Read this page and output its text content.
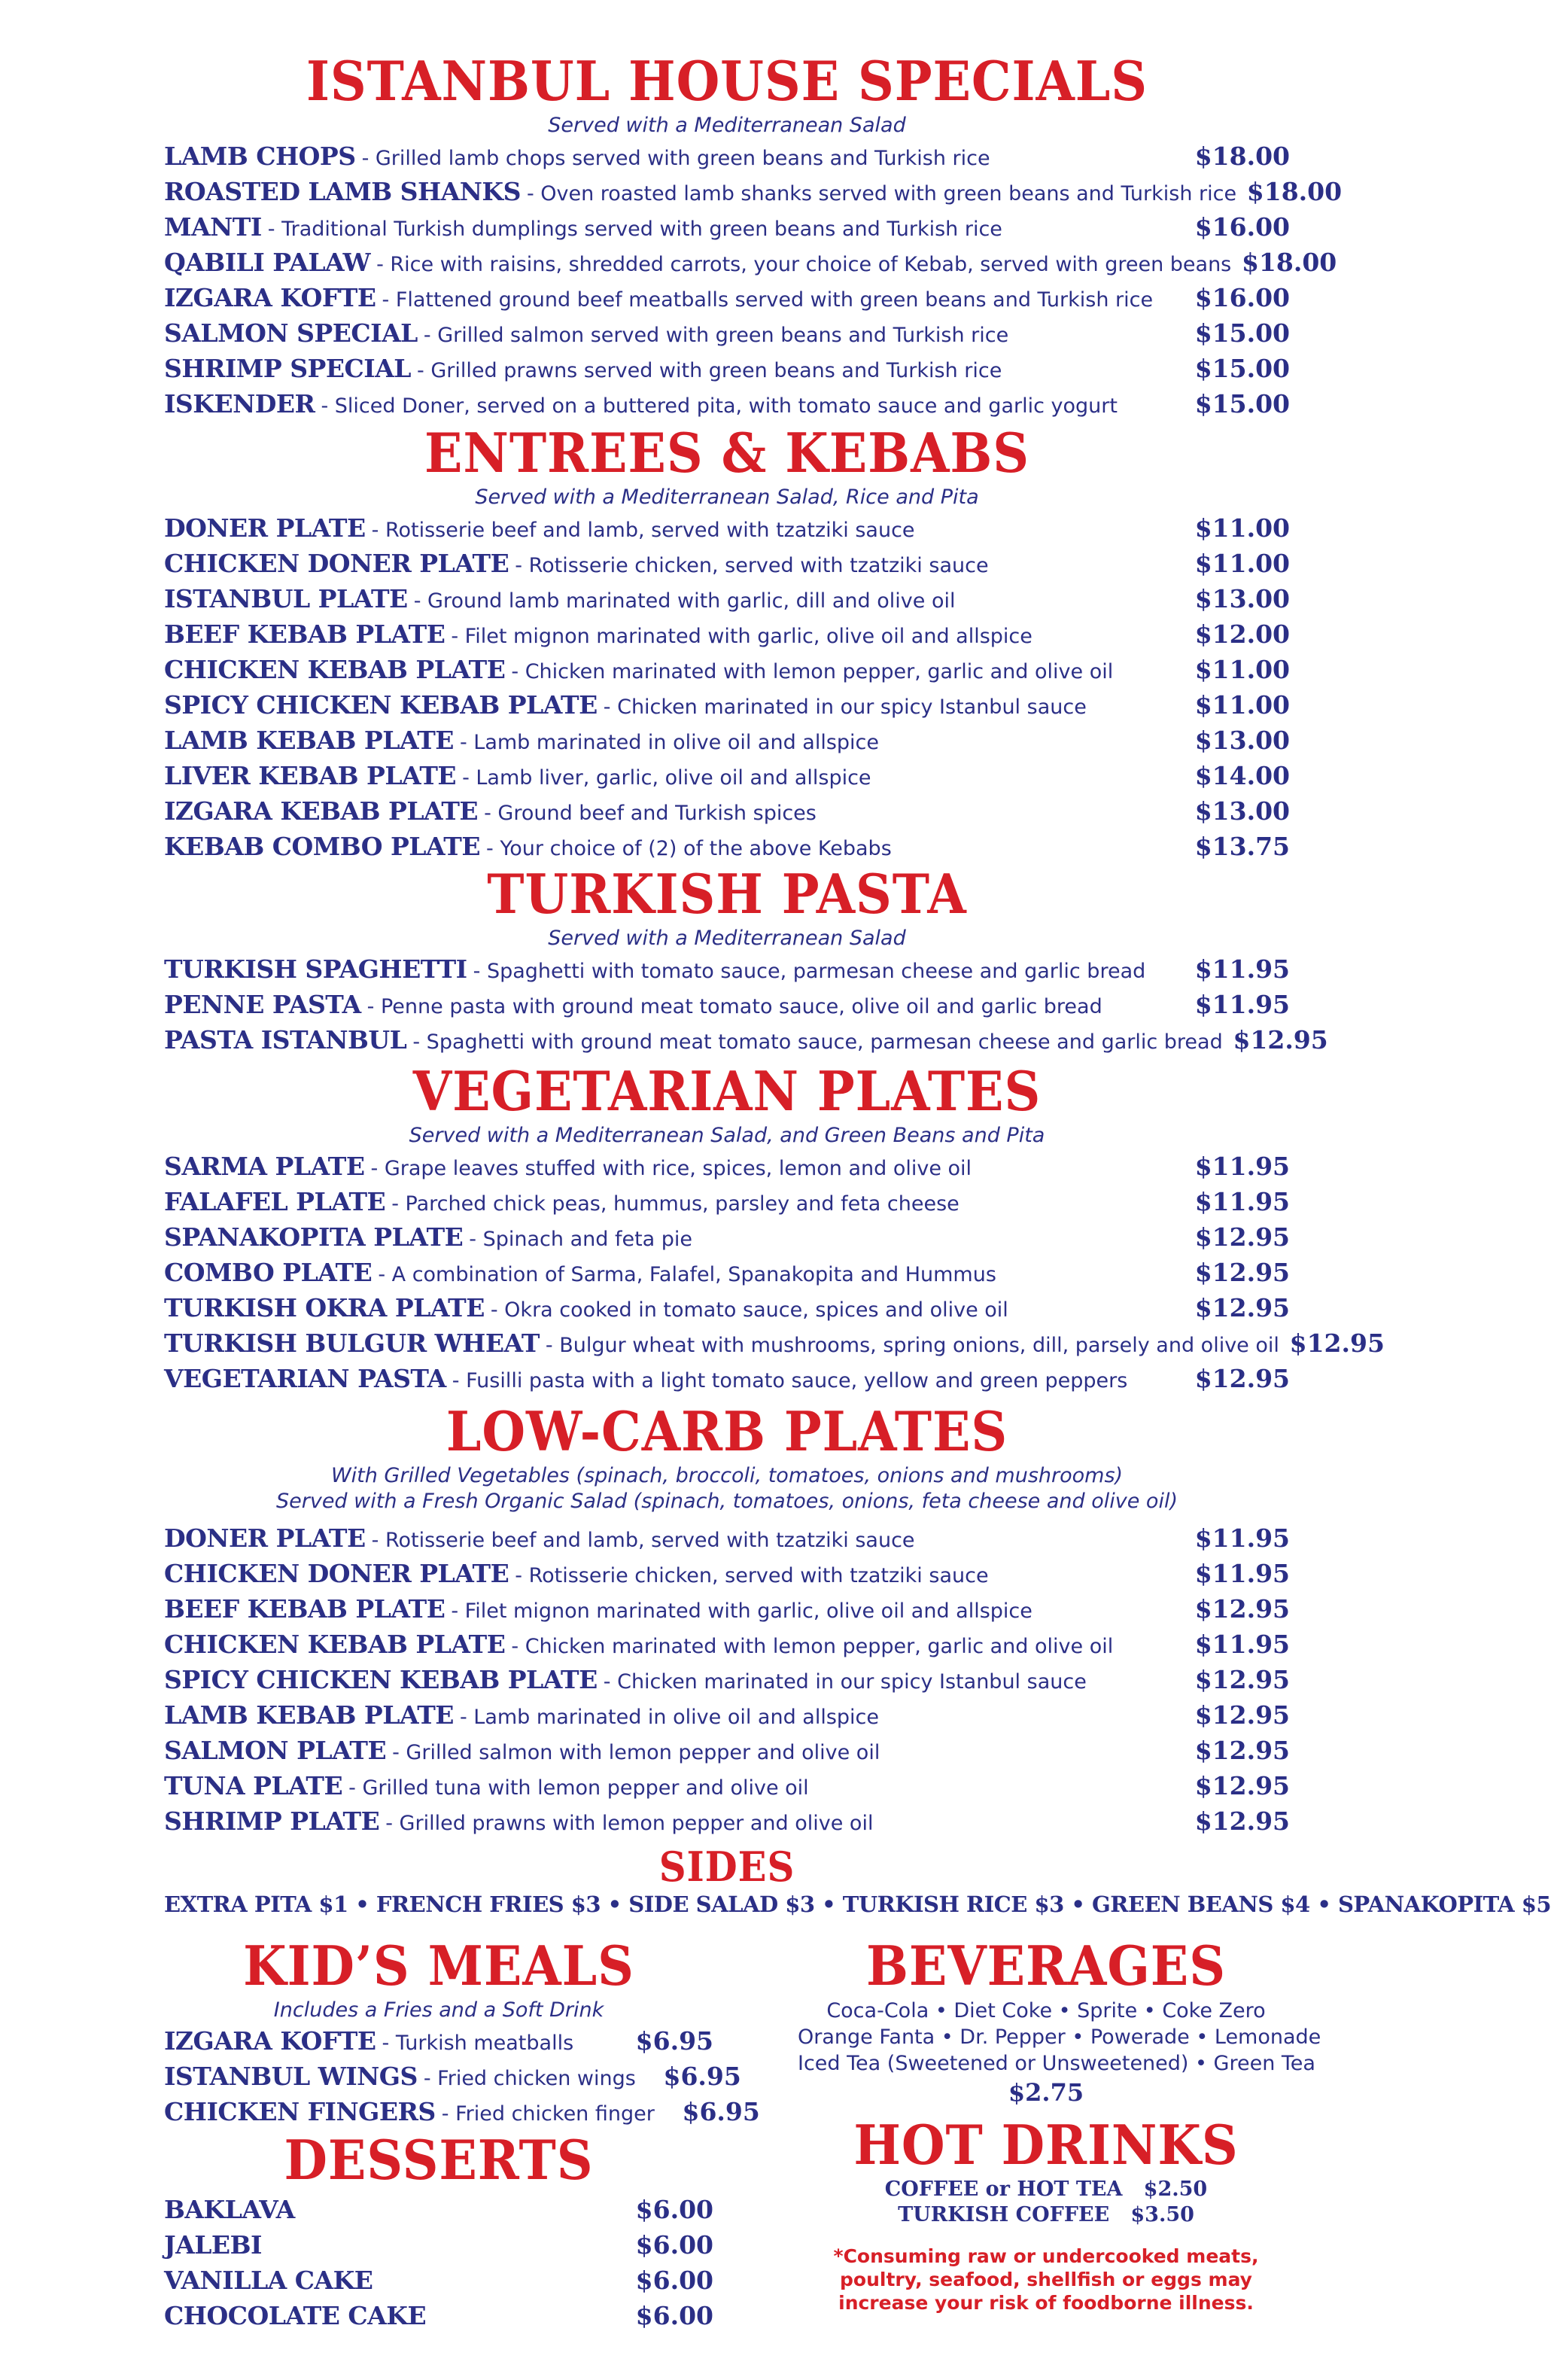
ISTANBUL HOUSE SPECIALS
Served with a Mediterranean Salad
LAMB CHOPS - Grilled lamb chops served with green beans and Turkish rice	$18.00
ROASTED LAMB SHANKS - Oven roasted lamb shanks served with green beans and Turkish rice $18.00
MANTI - Traditional Turkish dumplings served with green beans and Turkish rice	$16.00
QABILI PALAW - Rice with raisins, shredded carrots, your choice of Kebab, served with green beans $18.00
IZGARA KOFTE - Flattened ground beef meatballs served with green beans and Turkish rice	$16.00
SALMON SPECIAL - Grilled salmon served with green beans and Turkish rice	$15.00
SHRIMP SPECIAL - Grilled prawns served with green beans and Turkish rice	$15.00
ISKENDER - Sliced Doner, served on a buttered pita, with tomato sauce and garlic yogurt	$15.00
ENTREES & KEBABS
Served with a Mediterranean Salad, Rice and Pita
DONER PLATE - Rotisserie beef and lamb, served with tzatziki sauce	$11.00
CHICKEN DONER PLATE - Rotisserie chicken, served with tzatziki sauce	$11.00
ISTANBUL PLATE - Ground lamb marinated with garlic, dill and olive oil	$13.00
BEEF KEBAB PLATE - Filet mignon marinated with garlic, olive oil and allspice	$12.00
CHICKEN KEBAB PLATE - Chicken marinated with lemon pepper, garlic and olive oil	$11.00
SPICY CHICKEN KEBAB PLATE - Chicken marinated in our spicy Istanbul sauce	$11.00
LAMB KEBAB PLATE - Lamb marinated in olive oil and allspice	$13.00
LIVER KEBAB PLATE - Lamb liver, garlic, olive oil and allspice	$14.00
IZGARA KEBAB PLATE - Ground beef and Turkish spices	$13.00
KEBAB COMBO PLATE - Your choice of (2) of the above Kebabs	$13.75
TURKISH PASTA
Served with a Mediterranean Salad
TURKISH SPAGHETTI - Spaghetti with tomato sauce, parmesan cheese and garlic bread	$11.95
PENNE PASTA - Penne pasta with ground meat tomato sauce, olive oil and garlic bread	$11.95
PASTA ISTANBUL - Spaghetti with ground meat tomato sauce, parmesan cheese and garlic bread $12.95
VEGETARIAN PLATES
Served with a Mediterranean Salad, and Green Beans and Pita
SARMA PLATE - Grape leaves stuffed with rice, spices, lemon and olive oil	$11.95
FALAFEL PLATE - Parched chick peas, hummus, parsley and feta cheese	$11.95
SPANAKOPITA PLATE - Spinach and feta pie	$12.95
COMBO PLATE - A combination of Sarma, Falafel, Spanakopita and Hummus	$12.95
TURKISH OKRA PLATE - Okra cooked in tomato sauce, spices and olive oil	$12.95
TURKISH BULGUR WHEAT - Bulgur wheat with mushrooms, spring onions, dill, parsely and olive oil $12.95
VEGETARIAN PASTA - Fusilli pasta with a light tomato sauce, yellow and green peppers	$12.95
LOW-CARB PLATES
With Grilled Vegetables (spinach, broccoli, tomatoes, onions and mushrooms)
Served with a Fresh Organic Salad (spinach, tomatoes, onions, feta cheese and olive oil)
DONER PLATE - Rotisserie beef and lamb, served with tzatziki sauce	$11.95
CHICKEN DONER PLATE - Rotisserie chicken, served with tzatziki sauce	$11.95
BEEF KEBAB PLATE - Filet mignon marinated with garlic, olive oil and allspice	$12.95
CHICKEN KEBAB PLATE - Chicken marinated with lemon pepper, garlic and olive oil	$11.95
SPICY CHICKEN KEBAB PLATE - Chicken marinated in our spicy Istanbul sauce	$12.95
LAMB KEBAB PLATE - Lamb marinated in olive oil and allspice	$12.95
SALMON PLATE - Grilled salmon with lemon pepper and olive oil	$12.95
TUNA PLATE - Grilled tuna with lemon pepper and olive oil	$12.95
SHRIMP PLATE - Grilled prawns with lemon pepper and olive oil	$12.95
SIDES
EXTRA PITA $1 • FRENCH FRIES $3 • SIDE SALAD $3 • TURKISH RICE $3 • GREEN BEANS $4 • SPANAKOPITA $5
KID’S MEALS
Includes a Fries and a Soft Drink
IZGARA KOFTE - Turkish meatballs	$6.95
ISTANBUL WINGS - Fried chicken wings	$6.95
CHICKEN FINGERS - Fried chicken finger	$6.95
DESSERTS
BAKLAVA	$6.00
JALEBI	$6.00
VANILLA CAKE	$6.00
CHOCOLATE CAKE	$6.00
BEVERAGES
Coca-Cola • Diet Coke • Sprite • Coke Zero
Orange Fanta • Dr. Pepper • Powerade • Lemonade
Iced Tea (Sweetened or Unsweetened) • Green Tea
$2.75
HOT DRINKS
COFFEE or HOT TEA $2.50
TURKISH COFFEE $3.50
*Consuming raw or undercooked meats,
poultry, seafood, shellfish or eggs may
increase your risk of foodborne illness.
